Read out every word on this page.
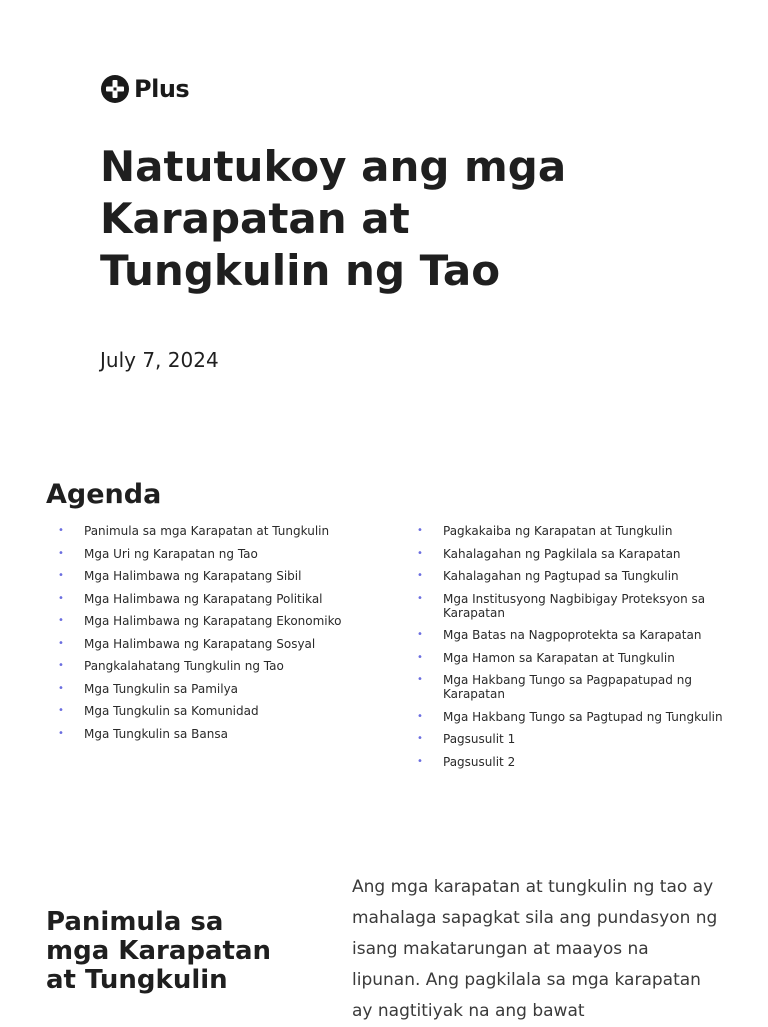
Plus
Natutukoy ang mga Karapatan at Tungkulin ng Tao

July 7, 2024

Agenda
• Panimula sa mga Karapatan at Tungkulin
• Mga Uri ng Karapatan ng Tao
• Mga Halimbawa ng Karapatang Sibil
• Mga Halimbawa ng Karapatang Politikal
• Mga Halimbawa ng Karapatang Ekonomiko
• Mga Halimbawa ng Karapatang Sosyal
• Pangkalahatang Tungkulin ng Tao
• Mga Tungkulin sa Pamilya
• Mga Tungkulin sa Komunidad
• Mga Tungkulin sa Bansa
• Pagkakaiba ng Karapatan at Tungkulin
• Kahalagahan ng Pagkilala sa Karapatan
• Kahalagahan ng Pagtupad sa Tungkulin
• Mga Institusyong Nagbibigay Proteksyon sa Karapatan
• Mga Batas na Nagpoprotekta sa Karapatan
• Mga Hamon sa Karapatan at Tungkulin
• Mga Hakbang Tungo sa Pagpapatupad ng Karapatan
• Mga Hakbang Tungo sa Pagtupad ng Tungkulin
• Pagsusulit 1
• Pagsusulit 2
Panimula sa mga Karapatan at Tungkulin

Ang mga karapatan at tungkulin ng tao ay mahalaga sapagkat sila ang pundasyon ng isang makatarungan at maayos na lipunan. Ang pagkilala sa mga karapatan ay nagtitiyak na ang bawat
